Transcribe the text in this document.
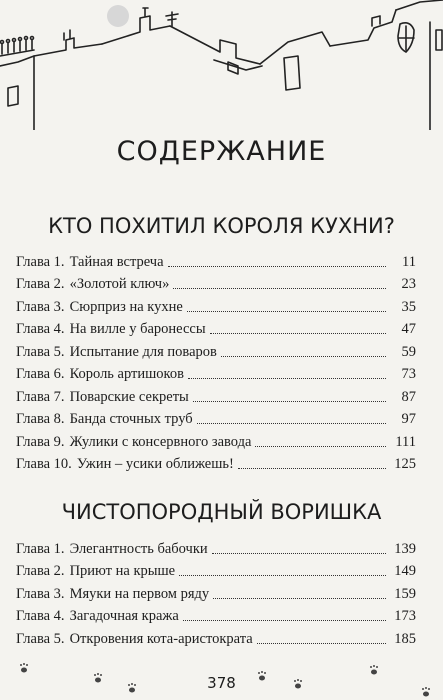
СОДЕРЖАНИЕ
КТО ПОХИТИЛ КОРОЛЯ КУХНИ?
Глава 1. Тайная встреча	11
Глава 2. «Золотой ключ»	23
Глава 3. Сюрприз на кухне	35
Глава 4. На вилле у баронессы	47
Глава 5. Испытание для поваров	59
Глава 6. Король артишоков	73
Глава 7. Поварские секреты	87
Глава 8. Банда сточных труб	97
Глава 9. Жулики с консервного завода	111
Глава 10. Ужин – усики оближешь!	125
ЧИСТОПОРОДНЫЙ ВОРИШКА
Глава 1. Элегантность бабочки	139
Глава 2. Приют на крыше	149
Глава 3. Мяуки на первом ряду	159
Глава 4. Загадочная кража	173
Глава 5. Откровения кота-аристократа	185
378
